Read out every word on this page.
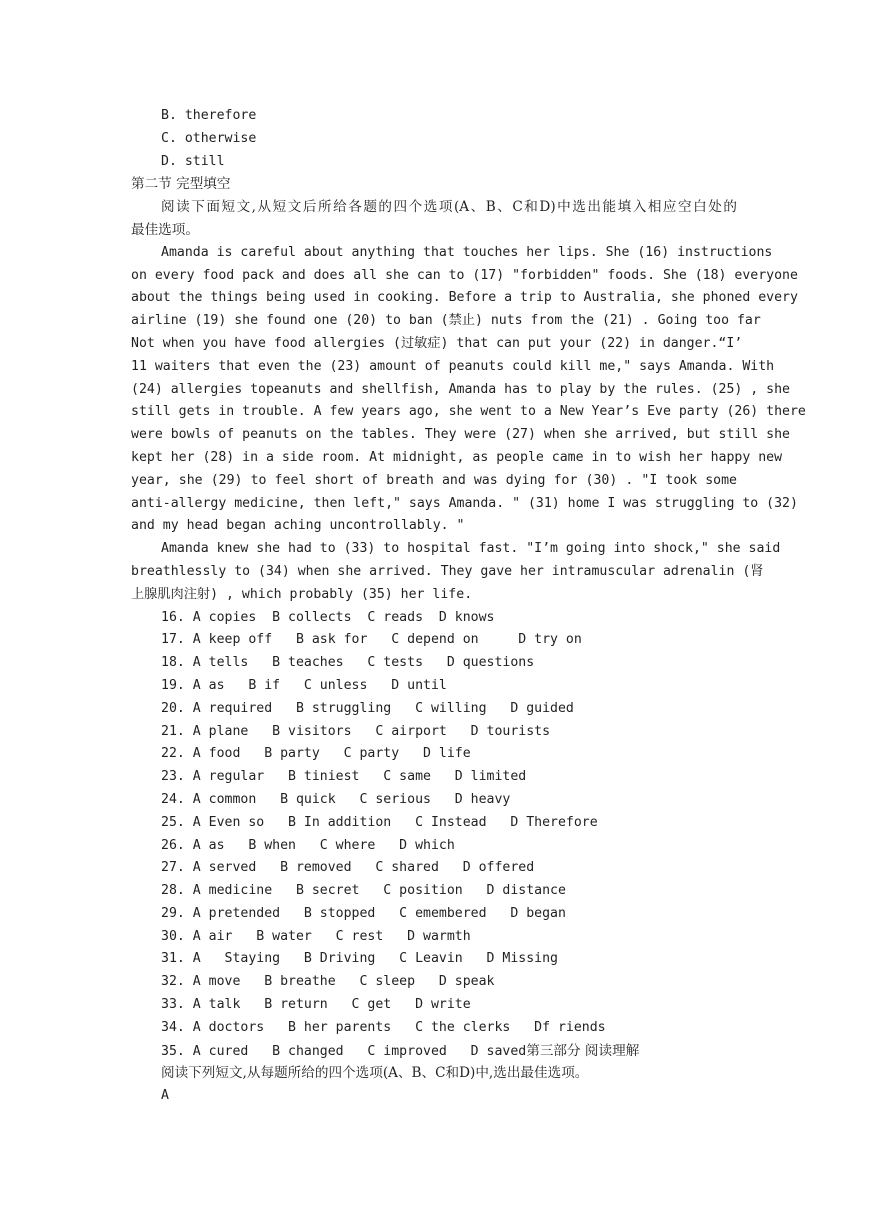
B. therefore
C. otherwise
D. still
第二节 完型填空
阅读下面短文,从短文后所给各题的四个选项(A、B、C和D)中选出能填入相应空白处的
最佳选项。
Amanda is careful about anything that touches her lips. She (16) instructions
on every food pack and does all she can to (17) "forbidden" foods. She (18) everyone
about the things being used in cooking. Before a trip to Australia, she phoned every
airline (19) she found one (20) to ban (禁止) nuts from the (21) . Going too far
Not when you have food allergies (过敏症) that can put your (22) in danger.“I’
11 waiters that even the (23) amount of peanuts could kill me," says Amanda. With
(24) allergies topeanuts and shellfish, Amanda has to play by the rules. (25) , she
still gets in trouble. A few years ago, she went to a New Year’s Eve party (26) there
were bowls of peanuts on the tables. They were (27) when she arrived, but still she
kept her (28) in a side room. At midnight, as people came in to wish her happy new
year, she (29) to feel short of breath and was dying for (30) . "I took some
anti-allergy medicine, then left," says Amanda. " (31) home I was struggling to (32)
and my head began aching uncontrollably. "
Amanda knew she had to (33) to hospital fast. "I’m going into shock," she said
breathlessly to (34) when she arrived. They gave her intramuscular adrenalin (肾
上腺肌肉注射) , which probably (35) her life.
16. A copies  B collects  C reads  D knows
17. A keep off   B ask for   C depend on     D try on
18. A tells   B teaches   C tests   D questions
19. A as   B if   C unless   D until
20. A required   B struggling   C willing   D guided
21. A plane   B visitors   C airport   D tourists
22. A food   B party   C party   D life
23. A regular   B tiniest   C same   D limited
24. A common   B quick   C serious   D heavy
25. A Even so   B In addition   C Instead   D Therefore
26. A as   B when   C where   D which
27. A served   B removed   C shared   D offered
28. A medicine   B secret   C position   D distance
29. A pretended   B stopped   C emembered   D began
30. A air   B water   C rest   D warmth
31. A   Staying   B Driving   C Leavin   D Missing
32. A move   B breathe   C sleep   D speak
33. A talk   B return   C get   D write
34. A doctors   B her parents   C the clerks   Df riends
35. A cured   B changed   C improved   D saved第三部分 阅读理解
阅读下列短文,从每题所给的四个选项(A、B、C和D)中,选出最佳选项。
A
